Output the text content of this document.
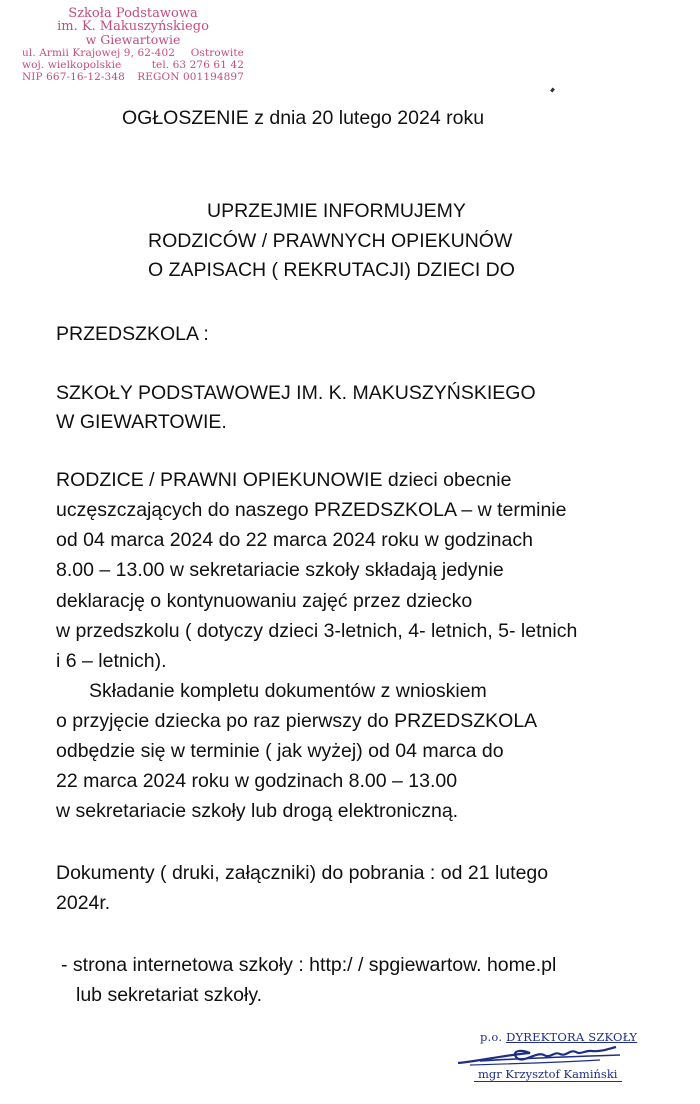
Szkoła Podstawowa
im. K. Makuszyńskiego
w Giewartowie
ul. Armii Krajowej 9, 62-402 Ostrowite
woj. wielkopolskie	tel. 63 276 61 42
NIP 667-16-12-348 REGON 001194897
OGŁOSZENIE z dnia 20 lutego 2024 roku
UPRZEJMIE INFORMUJEMY
RODZICÓW / PRAWNYCH OPIEKUNÓW
O ZAPISACH ( REKRUTACJI) DZIECI DO
PRZEDSZKOLA :
SZKOŁY PODSTAWOWEJ IM. K. MAKUSZYŃSKIEGO
W GIEWARTOWIE.
RODZICE / PRAWNI OPIEKUNOWIE dzieci obecnie
uczęszczających do naszego PRZEDSZKOLA – w terminie
od 04 marca 2024 do 22 marca 2024 roku w godzinach
8.00 – 13.00 w sekretariacie szkoły składają jedynie
deklarację o kontynuowaniu zajęć przez dziecko
w przedszkolu ( dotyczy dzieci 3-letnich, 4- letnich, 5- letnich
i 6 – letnich).
Składanie kompletu dokumentów z wnioskiem
o przyjęcie dziecka po raz pierwszy do PRZEDSZKOLA
odbędzie się w terminie ( jak wyżej) od 04 marca do
22 marca 2024 roku w godzinach 8.00 – 13.00
w sekretariacie szkoły lub drogą elektroniczną.
Dokumenty ( druki, załączniki) do pobrania : od 21 lutego
2024r.
- strona internetowa szkoły : http:/ / spgiewartow. home.pl
lub sekretariat szkoły.
p.o. DYREKTORA SZKOŁY
mgr Krzysztof Kamiński
